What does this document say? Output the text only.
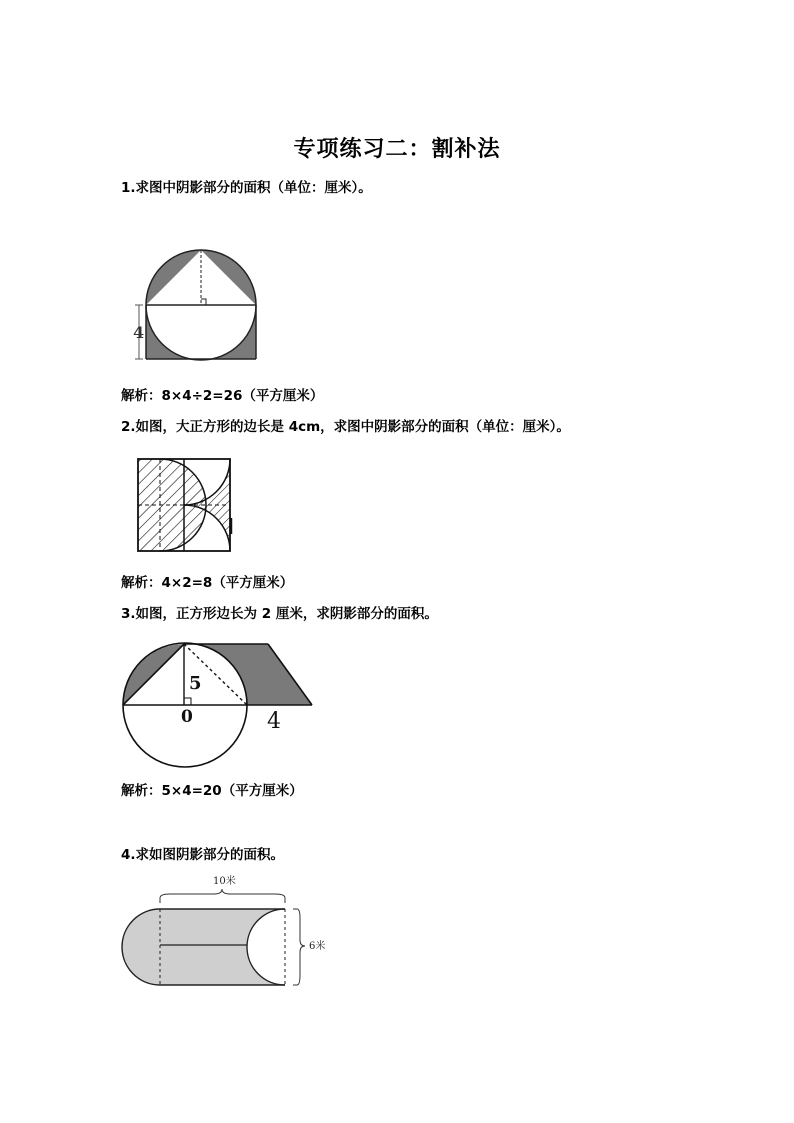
专项练习二：割补法
1.求图中阴影部分的面积（单位：厘米）。
4
解析：8×4÷2=26（平方厘米）
2.如图，大正方形的边长是 4cm，求图中阴影部分的面积（单位：厘米）。
解析：4×2=8（平方厘米）
3.如图，正方形边长为 2 厘米，求阴影部分的面积。
5
0	4
解析：5×4=20（平方厘米）
4.求如图阴影部分的面积。
10米
6米
